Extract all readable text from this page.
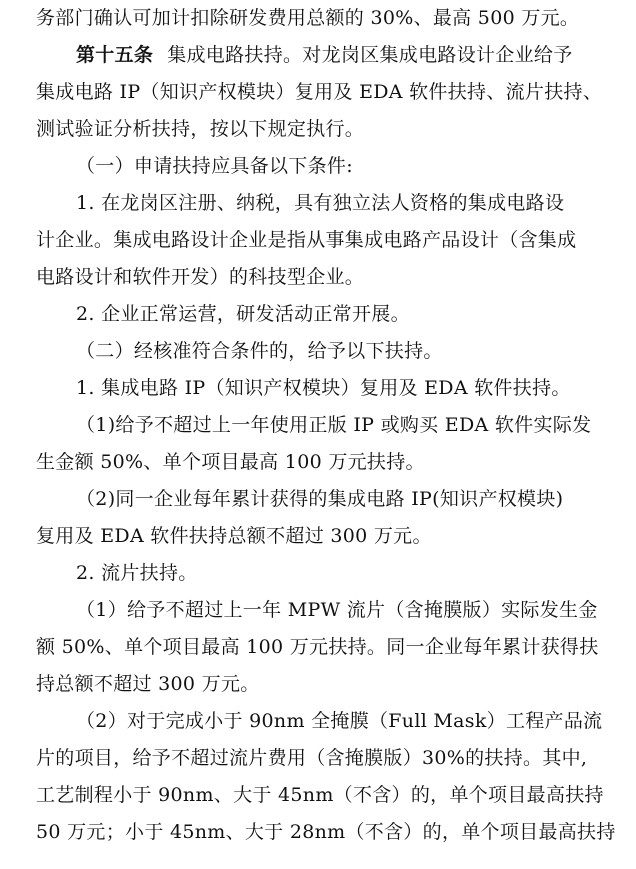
务部门确认可加计扣除研发费用总额的 30%、最高 500 万元。
第十五条 集成电路扶持。对龙岗区集成电路设计企业给予
集成电路 IP（知识产权模块）复用及 EDA 软件扶持、流片扶持、
测试验证分析扶持，按以下规定执行。
（一）申请扶持应具备以下条件:
1. 在龙岗区注册、纳税，具有独立法人资格的集成电路设
计企业。集成电路设计企业是指从事集成电路产品设计（含集成
电路设计和软件开发）的科技型企业。
2. 企业正常运营，研发活动正常开展。
（二）经核准符合条件的，给予以下扶持。
1. 集成电路 IP（知识产权模块）复用及 EDA 软件扶持。
（1)给予不超过上一年使用正版 IP 或购买 EDA 软件实际发
生金额 50%、单个项目最高 100 万元扶持。
（2)同一企业每年累计获得的集成电路 IP(知识产权模块)
复用及 EDA 软件扶持总额不超过 300 万元。
2. 流片扶持。
（1）给予不超过上一年 MPW 流片（含掩膜版）实际发生金
额 50%、单个项目最高 100 万元扶持。同一企业每年累计获得扶
持总额不超过 300 万元。
（2）对于完成小于 90nm 全掩膜（Full Mask）工程产品流
片的项目，给予不超过流片费用（含掩膜版）30%的扶持。其中,
工艺制程小于 90nm、大于 45nm（不含）的，单个项目最高扶持
50 万元；小于 45nm、大于 28nm（不含）的，单个项目最高扶持
